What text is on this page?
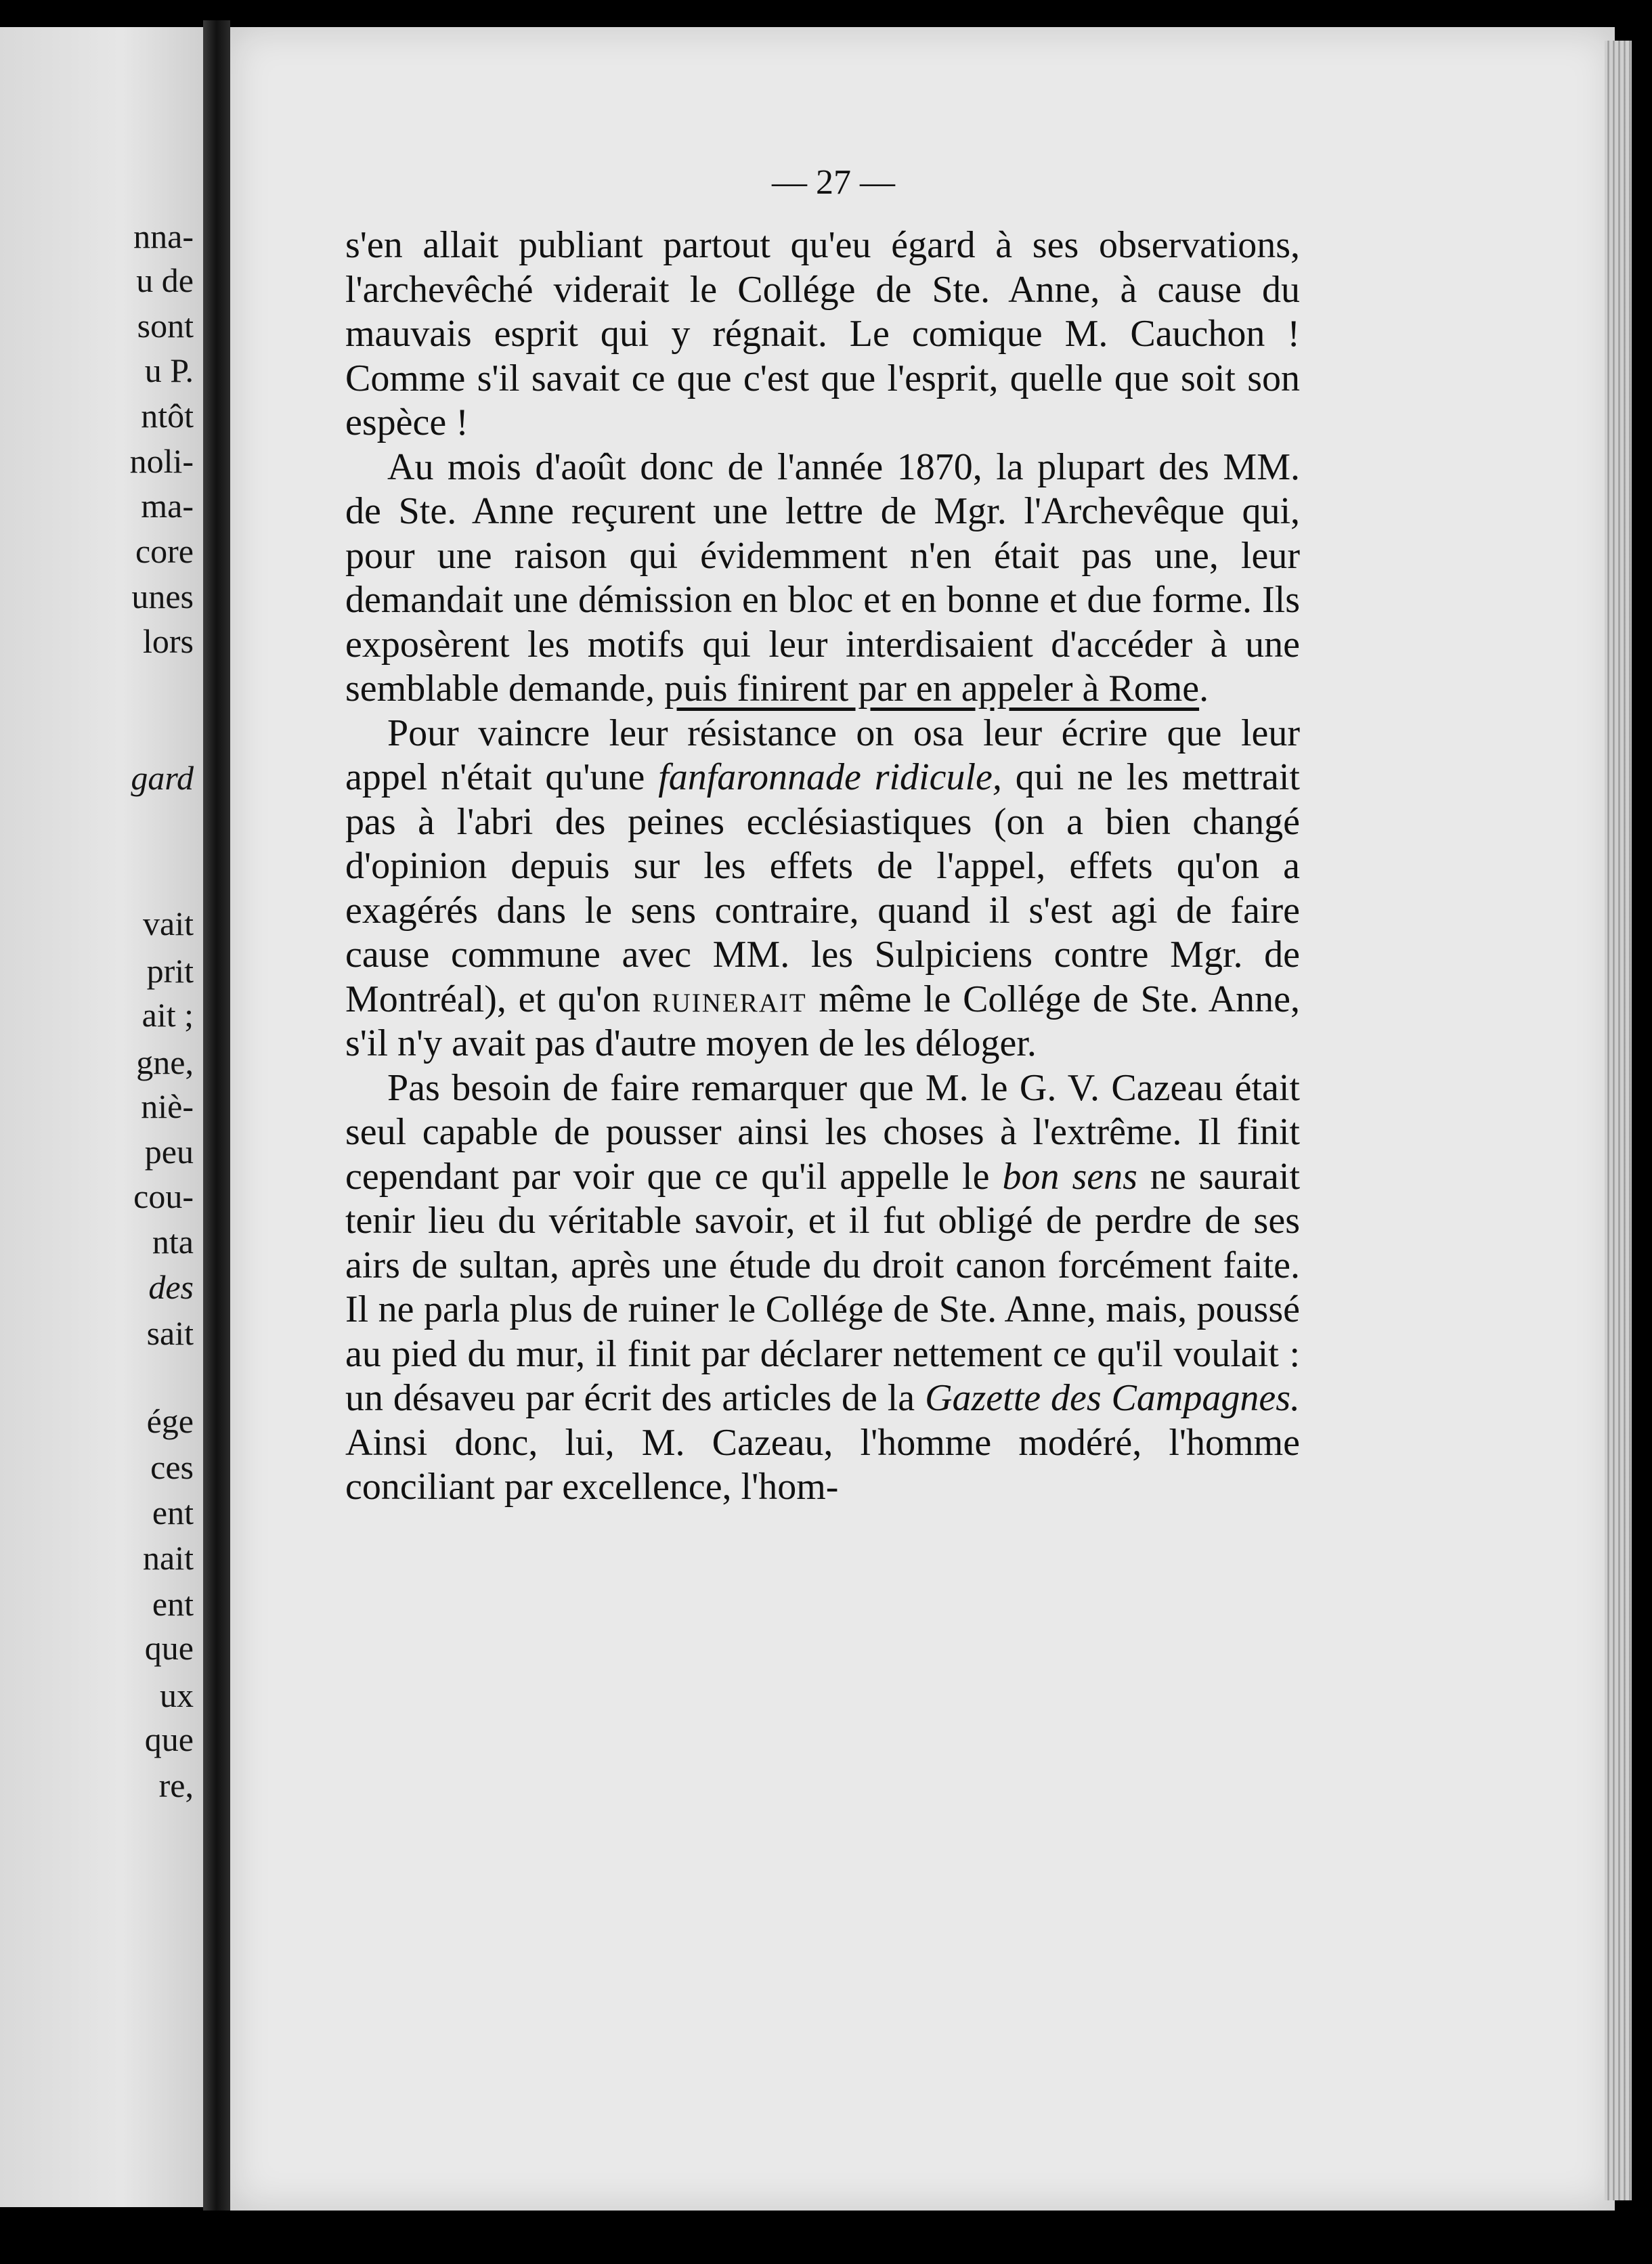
nna-
u de
sont
u P.
ntôt
noli-
ma-
core
unes
lors
gard
vait
prit
ait ;
gne,
niè-
peu
cou-
nta
des
sait
ége
ces
ent
nait
ent
que
ux
que
re,
— 27 —

s'en allait publiant partout qu'eu égard à ses observations, l'archevêché viderait le Collége de Ste. Anne, à cause du mauvais esprit qui y régnait. Le comique M. Cauchon ! Comme s'il savait ce que c'est que l'esprit, quelle que soit son espèce !

Au mois d'août donc de l'année 1870, la plupart des MM. de Ste. Anne reçurent une lettre de Mgr. l'Archevêque qui, pour une raison qui évidemment n'en était pas une, leur demandait une démission en bloc et en bonne et due forme. Ils exposèrent les motifs qui leur interdisaient d'accéder à une semblable demande, puis finirent par en appeler à Rome.

Pour vaincre leur résistance on osa leur écrire que leur appel n'était qu'une fanfaronnade ridicule, qui ne les mettrait pas à l'abri des peines ecclésiastiques (on a bien changé d'opinion depuis sur les effets de l'appel, effets qu'on a exagérés dans le sens contraire, quand il s'est agi de faire cause commune avec MM. les Sulpiciens contre Mgr. de Montréal), et qu'on ruinerait même le Collége de Ste. Anne, s'il n'y avait pas d'autre moyen de les déloger.

Pas besoin de faire remarquer que M. le G. V. Cazeau était seul capable de pousser ainsi les choses à l'extrême. Il finit cependant par voir que ce qu'il appelle le bon sens ne saurait tenir lieu du véritable savoir, et il fut obligé de perdre de ses airs de sultan, après une étude du droit canon forcément faite. Il ne parla plus de ruiner le Collége de Ste. Anne, mais, poussé au pied du mur, il finit par déclarer nettement ce qu'il voulait : un désaveu par écrit des articles de la Gazette des Campagnes. Ainsi donc, lui, M. Cazeau, l'homme modéré, l'homme conciliant par excellence, l'hom-
